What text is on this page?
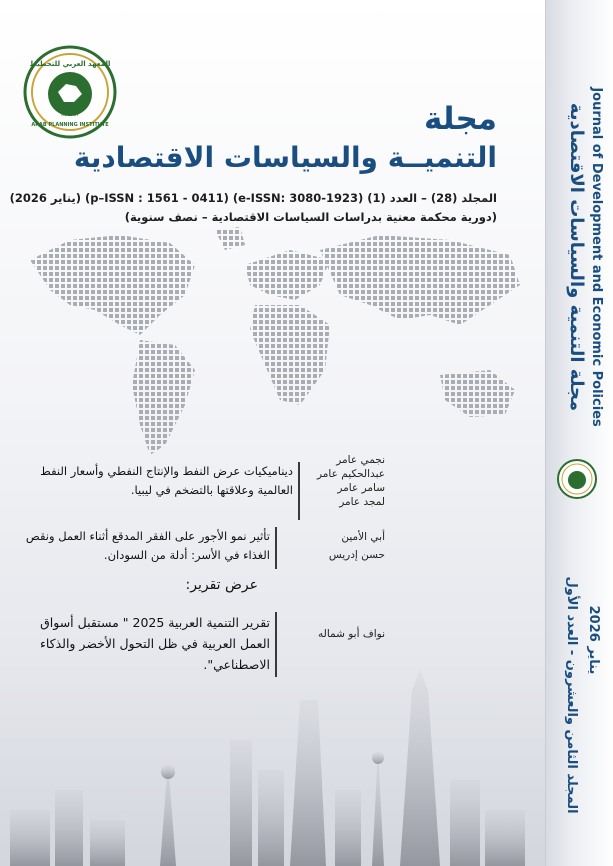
المعهد العربي للتخطيط
الكويت
ARAB PLANNING INSTITUTE
KUWAIT	مجلة
التنميــة والسياسات الاقتصادية
المجلد (28) – العدد (1) (e-ISSN: 3080-1923) (p–ISSN : 1561 - 0411) (يناير 2026)
(دورية محكمة معنية بدراسات السياسات الاقتصادية – نصف سنوية)
ديناميكيات عرض النفط والإنتاج النفطي وأسعار النفط
العالمية وعلاقتها بالتضخم في ليبيا.
نجمي عامر
عبدالحكيم عامر
سامر عامر
لمجد عامر
تأثير نمو الأجور على الفقر المدقع أثناء العمل ونقص
الغذاء في الأسر: أدلة من السودان.
أبي الأمين
حسن إدريس
عرض تقرير:
تقرير التنمية العربية 2025 " مستقبل أسواق
العمل العربية في ظل التحول الأخضر والذكاء
الاصطناعي".
نواف أبو شماله
مجلة التنمية والسياسات الاقتصادية Journal of Development and Economic Policies
المجلد الثامن والعشرون - العدد الأول يناير 2026
